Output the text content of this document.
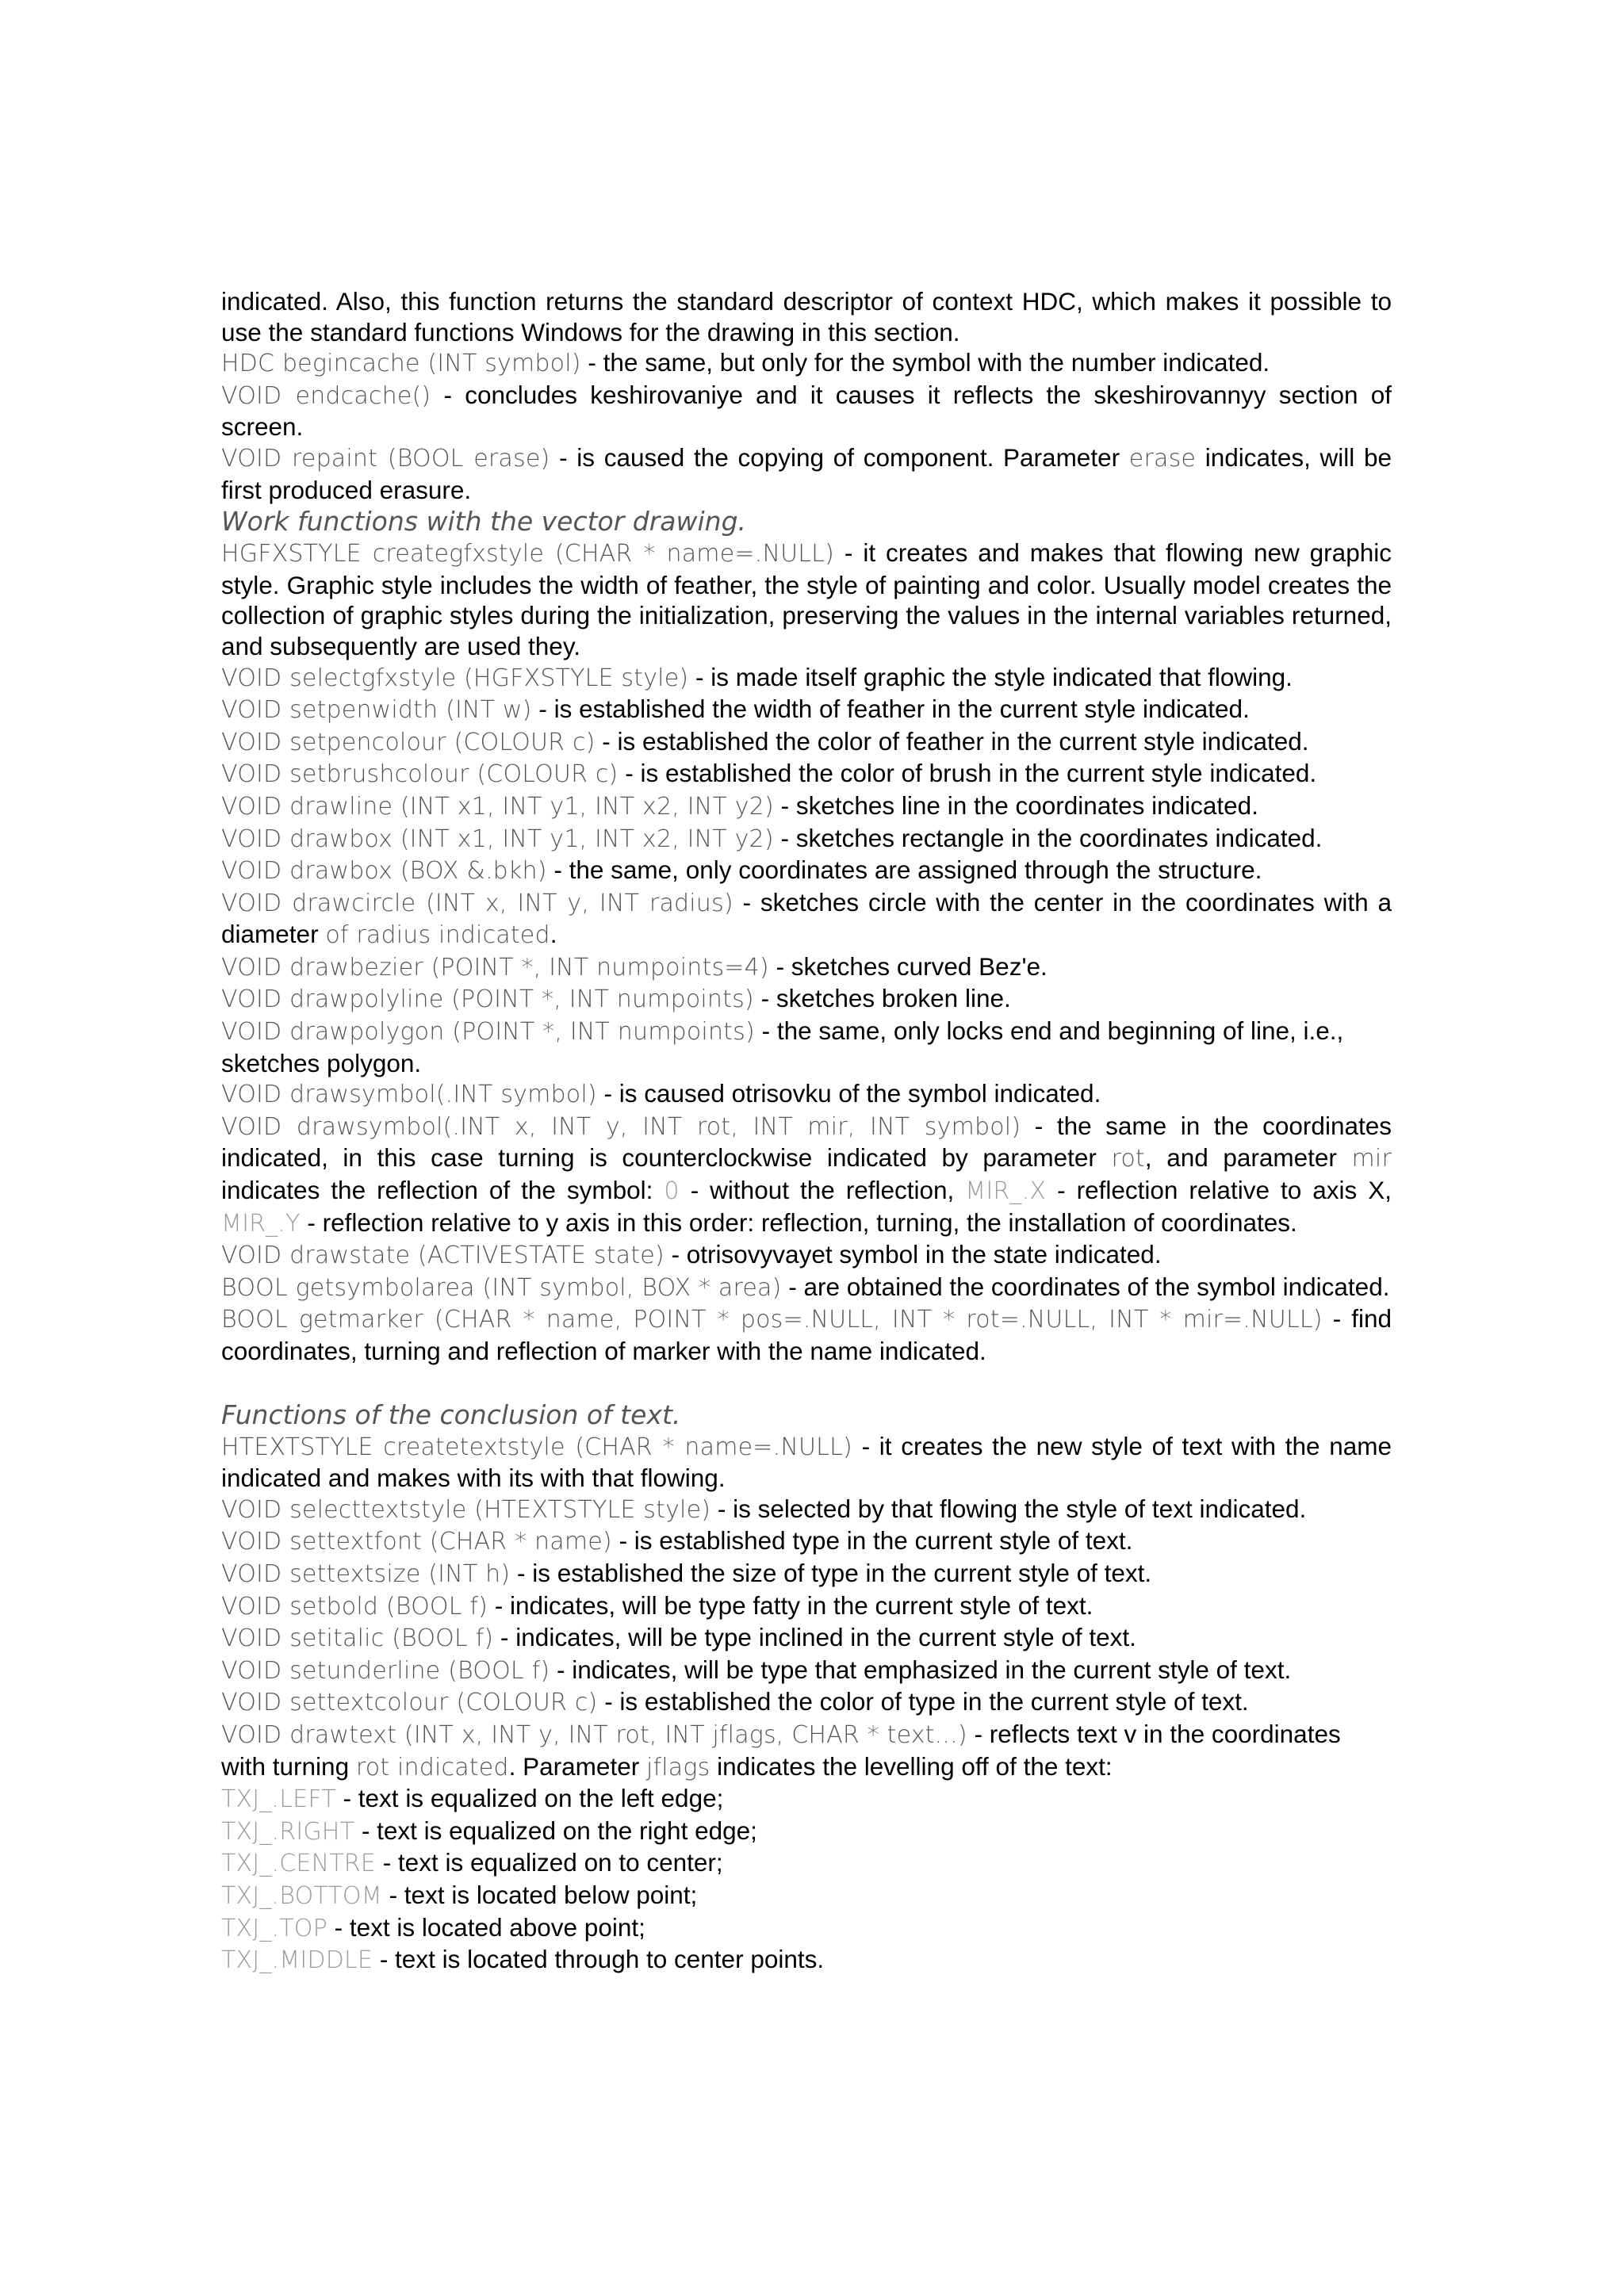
indicated. Also, this function returns the standard descriptor of context HDC, which makes it possible to use the standard functions Windows for the drawing in this section.

HDC begincache (INT symbol) - the same, but only for the symbol with the number indicated.

VOID endcache() - concludes keshirovaniye and it causes it reflects the skeshirovannyy section of screen.

VOID repaint (BOOL erase) - is caused the copying of component. Parameter erase indicates, will be first produced erasure.

Work functions with the vector drawing.

HGFXSTYLE creategfxstyle (CHAR * name=.NULL) - it creates and makes that flowing new graphic style. Graphic style includes the width of feather, the style of painting and color. Usually model creates the collection of graphic styles during the initialization, preserving the values in the internal variables returned, and subsequently are used they.

VOID selectgfxstyle (HGFXSTYLE style) - is made itself graphic the style indicated that flowing.

VOID setpenwidth (INT w) - is established the width of feather in the current style indicated.

VOID setpencolour (COLOUR c) - is established the color of feather in the current style indicated.

VOID setbrushcolour (COLOUR c) - is established the color of brush in the current style indicated.

VOID drawline (INT x1, INT y1, INT x2, INT y2) - sketches line in the coordinates indicated.

VOID drawbox (INT x1, INT y1, INT x2, INT y2) - sketches rectangle in the coordinates indicated.

VOID drawbox (BOX &.bkh) - the same, only coordinates are assigned through the structure.

VOID drawcircle (INT x, INT y, INT radius) - sketches circle with the center in the coordinates with a diameter of radius indicated.

VOID drawbezier (POINT *, INT numpoints=4) - sketches curved Bez'e.

VOID drawpolyline (POINT *, INT numpoints) - sketches broken line.

VOID drawpolygon (POINT *, INT numpoints) - the same, only locks end and beginning of line, i.e., sketches polygon.

VOID drawsymbol(.INT symbol) - is caused otrisovku of the symbol indicated.

VOID drawsymbol(.INT x, INT y, INT rot, INT mir, INT symbol) - the same in the coordinates indicated, in this case turning is counterclockwise indicated by parameter rot, and parameter mir indicates the reflection of the symbol: 0 - without the reflection, MIR_.X - reflection relative to axis X, MIR_.Y - reflection relative to y axis in this order: reflection, turning, the installation of coordinates.

VOID drawstate (ACTIVESTATE state) - otrisovyvayet symbol in the state indicated.

BOOL getsymbolarea (INT symbol, BOX * area) - are obtained the coordinates of the symbol indicated.

BOOL getmarker (CHAR * name, POINT * pos=.NULL, INT * rot=.NULL, INT * mir=.NULL) - find coordinates, turning and reflection of marker with the name indicated.

Functions of the conclusion of text.

HTEXTSTYLE createtextstyle (CHAR * name=.NULL) - it creates the new style of text with the name indicated and makes with its with that flowing.

VOID selecttextstyle (HTEXTSTYLE style) - is selected by that flowing the style of text indicated.

VOID settextfont (CHAR * name) - is established type in the current style of text.

VOID settextsize (INT h) - is established the size of type in the current style of text.

VOID setbold (BOOL f) - indicates, will be type fatty in the current style of text.

VOID setitalic (BOOL f) - indicates, will be type inclined in the current style of text.

VOID setunderline (BOOL f) - indicates, will be type that emphasized in the current style of text.

VOID settextcolour (COLOUR c) - is established the color of type in the current style of text.

VOID drawtext (INT x, INT y, INT rot, INT jflags, CHAR * text...) - reflects text v in the coordinates with turning rot indicated. Parameter jflags indicates the levelling off of the text:

TXJ_.LEFT - text is equalized on the left edge;

TXJ_.RIGHT - text is equalized on the right edge;

TXJ_.CENTRE - text is equalized on to center;

TXJ_.BOTTOM - text is located below point;

TXJ_.TOP - text is located above point;

TXJ_.MIDDLE - text is located through to center points.
